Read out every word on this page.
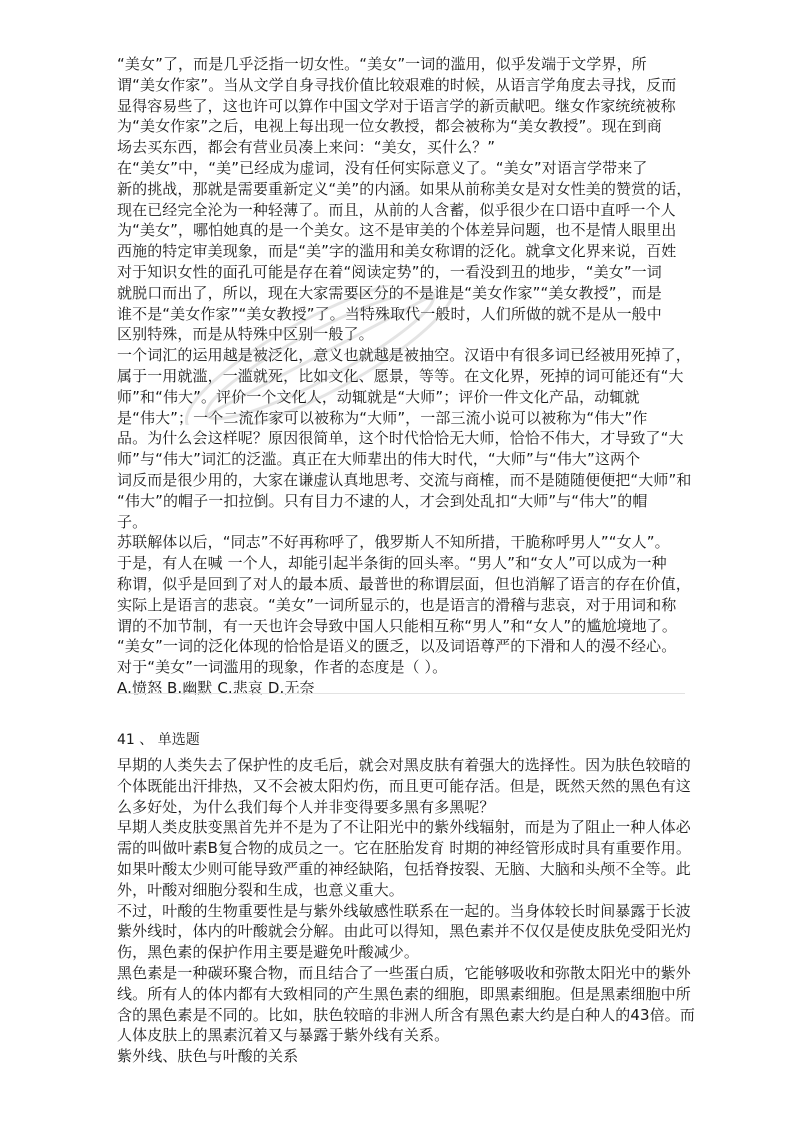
“美女”了，而是几乎泛指一切女性。“美女”一词的滥用，似乎发端于文学界，所
谓“美女作家”。当从文学自身寻找价值比较艰难的时候，从语言学角度去寻找，反而
显得容易些了，这也许可以算作中国文学对于语言学的新贡献吧。继女作家统统被称
为“美女作家”之后，电视上每出现一位女教授，都会被称为“美女教授”。现在到商
场去买东西，都会有营业员凑上来问：“美女，买什么？”
在“美女”中，“美”已经成为虚词，没有任何实际意义了。“美女”对语言学带来了
新的挑战，那就是需要重新定义“美”的内涵。如果从前称美女是对女性美的赞赏的话，
现在已经完全沦为一种轻薄了。而且，从前的人含蓄，似乎很少在口语中直呼一个人
为“美女”，哪怕她真的是一个美女。这不是审美的个体差异问题，也不是情人眼里出
西施的特定审美现象，而是“美”字的滥用和美女称谓的泛化。就拿文化界来说，百姓
对于知识女性的面孔可能是存在着“阅读定势”的，一看没到丑的地步，“美女”一词
就脱口而出了，所以，现在大家需要区分的不是谁是“美女作家”“美女教授”，而是
谁不是“美女作家”“美女教授”了。当特殊取代一般时，人们所做的就不是从一般中
区别特殊，而是从特殊中区别一般了。
一个词汇的运用越是被泛化，意义也就越是被抽空。汉语中有很多词已经被用死掉了，
属于一用就滥，一滥就死，比如文化、愿景，等等。在文化界，死掉的词可能还有“大
师”和“伟大”。评价一个文化人，动辄就是“大师”；评价一件文化产品，动辄就
是“伟大”；一个二流作家可以被称为“大师”，一部三流小说可以被称为“伟大”作
品。为什么会这样呢？原因很简单，这个时代恰恰无大师，恰恰不伟大，才导致了“大
师”与“伟大”词汇的泛滥。真正在大师辈出的伟大时代，“大师”与“伟大”这两个
词反而是很少用的，大家在谦虚认真地思考、交流与商榷，而不是随随便便把“大师”和
“伟大”的帽子一扣拉倒。只有目力不逮的人，才会到处乱扣“大师”与“伟大”的帽
子。
苏联解体以后，“同志”不好再称呼了，俄罗斯人不知所措，干脆称呼男人”“女人”。
于是，有人在喊 一个人，却能引起半条街的回头率。“男人”和“女人”可以成为一种
称谓，似乎是回到了对人的最本质、最普世的称谓层面，但也消解了语言的存在价值，
实际上是语言的悲哀。“美女”一词所显示的，也是语言的滑稽与悲哀，对于用词和称
谓的不加节制，有一天也许会导致中国人只能相互称“男人”和“女人”的尴尬境地了。
“美女”一词的泛化体现的恰恰是语义的匮乏，以及词语尊严的下滑和人的漫不经心。
对于“美女”一词滥用的现象，作者的态度是（ ）。
A.愤怒 B.幽默 C.悲哀 D.无奈

41 、 单选题

早期的人类失去了保护性的皮毛后，就会对黑皮肤有着强大的选择性。因为肤色较暗的
个体既能出汗排热，又不会被太阳灼伤，而且更可能存活。但是，既然天然的黑色有这
么多好处，为什么我们每个人并非变得要多黑有多黑呢？
早期人类皮肤变黑首先并不是为了不让阳光中的紫外线辐射，而是为了阻止一种人体必
需的叫做叶素B复合物的成员之一。它在胚胎发育 时期的神经管形成时具有重要作用。
如果叶酸太少则可能导致严重的神经缺陷，包括脊按裂、无脑、大脑和头颅不全等。此
外，叶酸对细胞分裂和生成，也意义重大。
不过，叶酸的生物重要性是与紫外线敏感性联系在一起的。当身体较长时间暴露于长波
紫外线时，体内的叶酸就会分解。由此可以得知，黑色素并不仅仅是使皮肤免受阳光灼
伤，黑色素的保护作用主要是避免叶酸减少。
黑色素是一种碳环聚合物，而且结合了一些蛋白质，它能够吸收和弥散太阳光中的紫外
线。所有人的体内都有大致相同的产生黑色素的细胞，即黑素细胞。但是黑素细胞中所
含的黑色素是不同的。比如，肤色较暗的非洲人所含有黑色素大约是白种人的43倍。而
人体皮肤上的黑素沉着又与暴露于紫外线有关系。
紫外线、肤色与叶酸的关系
